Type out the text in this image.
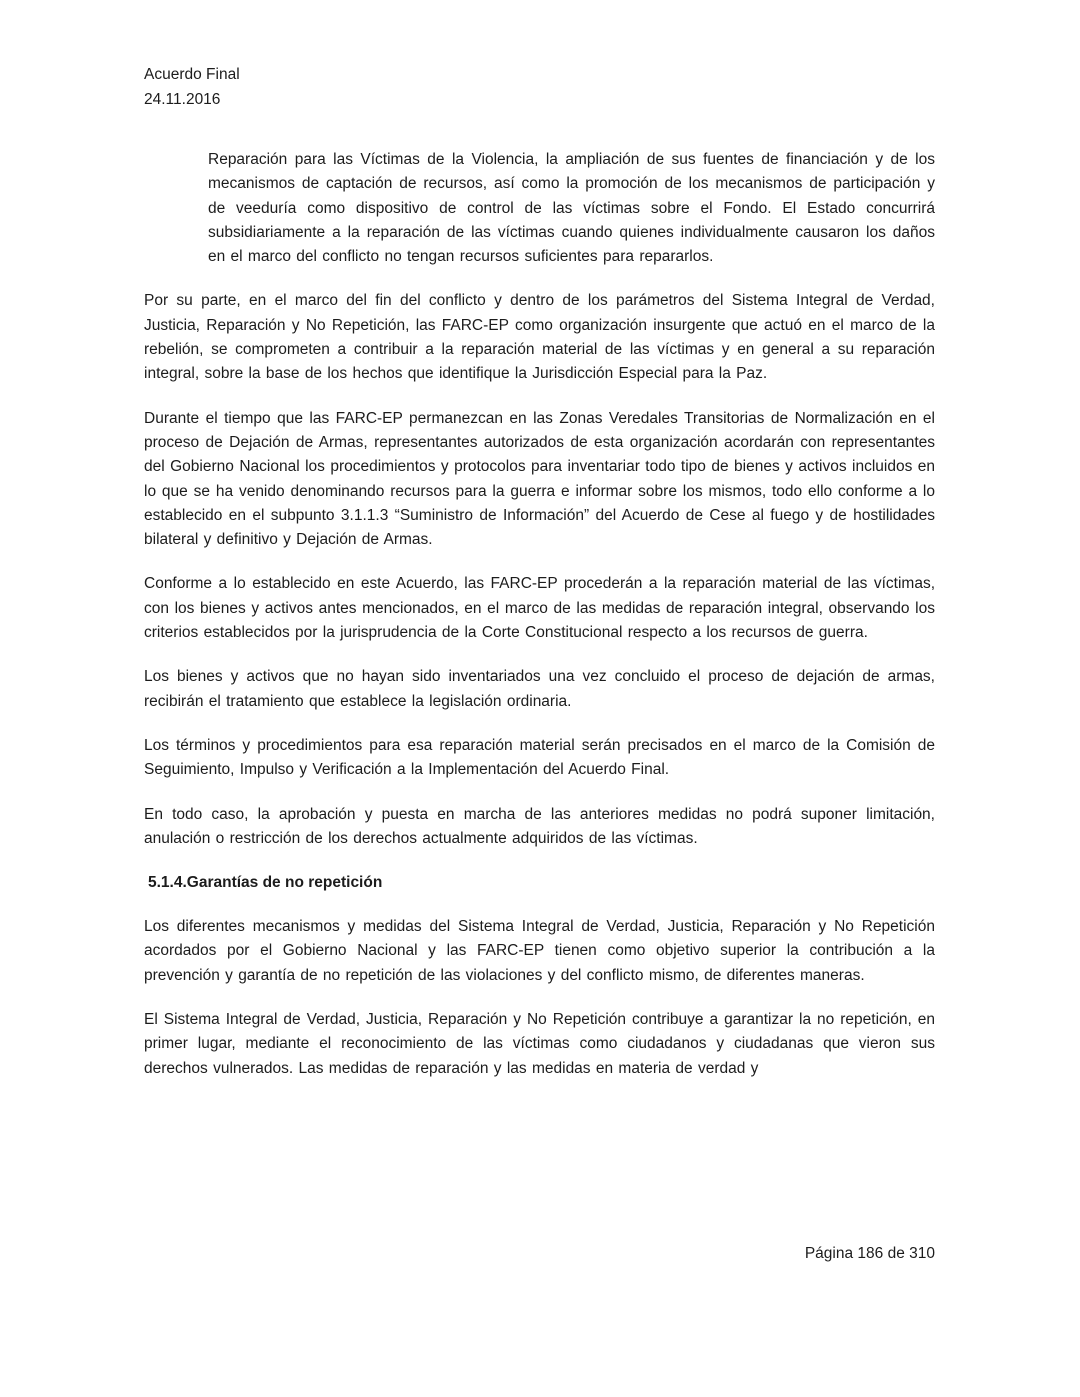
Acuerdo Final
24.11.2016

Reparación para las Víctimas de la Violencia, la ampliación de sus fuentes de financiación y de los mecanismos de captación de recursos, así como la promoción de los mecanismos de participación y de veeduría como dispositivo de control de las víctimas sobre el Fondo. El Estado concurrirá subsidiariamente a la reparación de las víctimas cuando quienes individualmente causaron los daños en el marco del conflicto no tengan recursos suficientes para repararlos.

Por su parte, en el marco del fin del conflicto y dentro de los parámetros del Sistema Integral de Verdad, Justicia, Reparación y No Repetición, las FARC-EP como organización insurgente que actuó en el marco de la rebelión, se comprometen a contribuir a la reparación material de las víctimas y en general a su reparación integral, sobre la base de los hechos que identifique la Jurisdicción Especial para la Paz.

Durante el tiempo que las FARC-EP permanezcan en las Zonas Veredales Transitorias de Normalización en el proceso de Dejación de Armas, representantes autorizados de esta organización acordarán con representantes del Gobierno Nacional los procedimientos y protocolos para inventariar todo tipo de bienes y activos incluidos en lo que se ha venido denominando recursos para la guerra e informar sobre los mismos, todo ello conforme a lo establecido en el subpunto 3.1.1.3 “Suministro de Información” del Acuerdo de Cese al fuego y de hostilidades bilateral y definitivo y Dejación de Armas.

Conforme a lo establecido en este Acuerdo, las FARC-EP procederán a la reparación material de las víctimas, con los bienes y activos antes mencionados, en el marco de las medidas de reparación integral, observando los criterios establecidos por la jurisprudencia de la Corte Constitucional respecto a los recursos de guerra.

Los bienes y activos que no hayan sido inventariados una vez concluido el proceso de dejación de armas, recibirán el tratamiento que establece la legislación ordinaria.

Los términos y procedimientos para esa reparación material serán precisados en el marco de la Comisión de Seguimiento, Impulso y Verificación a la Implementación del Acuerdo Final.

En todo caso, la aprobación y puesta en marcha de las anteriores medidas no podrá suponer limitación, anulación o restricción de los derechos actualmente adquiridos de las víctimas.

5.1.4.Garantías de no repetición

Los diferentes mecanismos y medidas del Sistema Integral de Verdad, Justicia, Reparación y No Repetición acordados por el Gobierno Nacional y las FARC-EP tienen como objetivo superior la contribución a la prevención y garantía de no repetición de las violaciones y del conflicto mismo, de diferentes maneras.

El Sistema Integral de Verdad, Justicia, Reparación y No Repetición contribuye a garantizar la no repetición, en primer lugar, mediante el reconocimiento de las víctimas como ciudadanos y ciudadanas que vieron sus derechos vulnerados. Las medidas de reparación y las medidas en materia de verdad y

Página 186 de 310
